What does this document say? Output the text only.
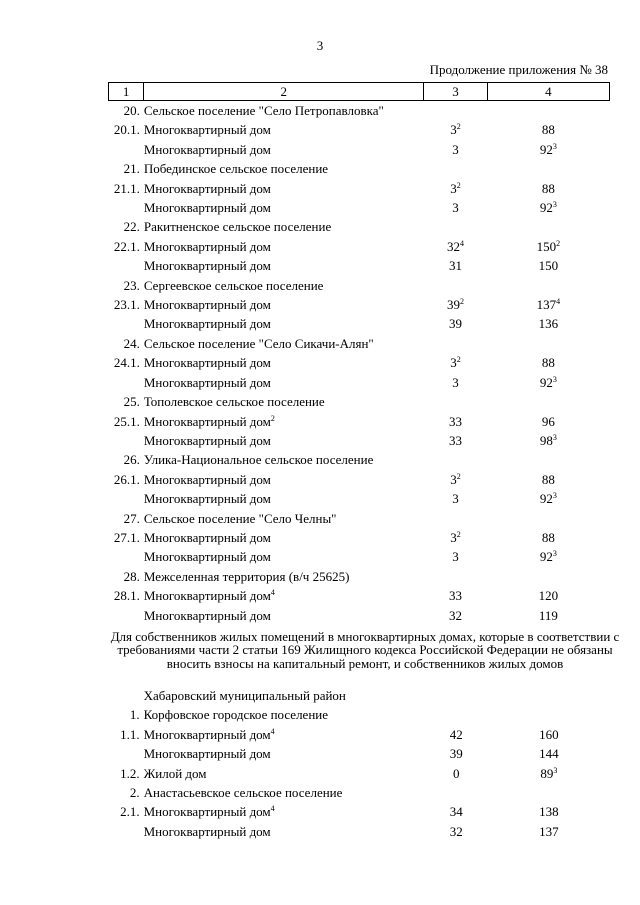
3
Продолжение приложения № 38
1	2	3	4
20.	Сельское поселение "Село Петропавловка"		
20.1.	Многоквартирный дом	$3^2$	88
	Многоквартирный дом	3	$92^3$
21.	Побединское сельское поселение		
21.1.	Многоквартирный дом	$3^2$	88
	Многоквартирный дом	3	$92^3$
22.	Ракитненское сельское поселение		
22.1.	Многоквартирный дом	$32^4$	$150^2$
	Многоквартирный дом	31	150
23.	Сергеевское сельское поселение		
23.1.	Многоквартирный дом	$39^2$	$137^4$
	Многоквартирный дом	39	136
24.	Сельское поселение "Село Сикачи-Алян"		
24.1.	Многоквартирный дом	$3^2$	88
	Многоквартирный дом	3	$92^3$
25.	Тополевское сельское поселение		
25.1.	Многоквартирный дом$^2$	33	96
	Многоквартирный дом	33	$98^3$
26.	Улика-Национальное сельское поселение		
26.1.	Многоквартирный дом	$3^2$	88
	Многоквартирный дом	3	$92^3$
27.	Сельское поселение "Село Челны"		
27.1.	Многоквартирный дом	$3^2$	88
	Многоквартирный дом	3	$92^3$
28.	Межселенная территория (в/ч 25625)		
28.1.	Многоквартирный дом$^4$	33	120
	Многоквартирный дом	32	119
Для собственников жилых помещений в многоквартирных домах, которые в соответствии с требованиями части 2 статьи 169 Жилищного кодекса Российской Федерации не обязаны вносить взносы на капитальный ремонт, и собственников жилых домов
	Хабаровский муниципальный район		
1.	Корфовское городское поселение		
1.1.	Многоквартирный дом$^4$	42	160
	Многоквартирный дом	39	144
1.2.	Жилой дом	0	$89^3$
2.	Анастасьевское сельское поселение		
2.1.	Многоквартирный дом$^4$	34	138
	Многоквартирный дом	32	137
